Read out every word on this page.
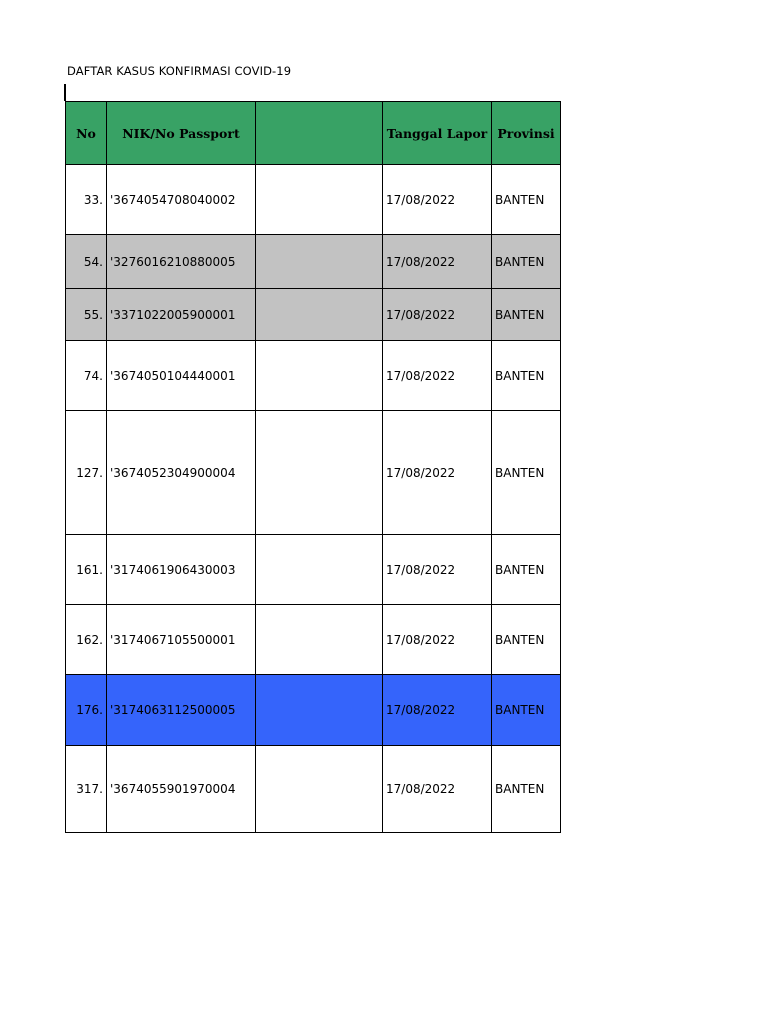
DAFTAR KASUS KONFIRMASI COVID-19
No	NIK/No Passport		Tanggal Lapor	Provinsi
33.	'3674054708040002		17/08/2022	BANTEN
54.	'3276016210880005		17/08/2022	BANTEN
55.	'3371022005900001		17/08/2022	BANTEN
74.	'3674050104440001		17/08/2022	BANTEN
127.	'3674052304900004		17/08/2022	BANTEN
161.	'3174061906430003		17/08/2022	BANTEN
162.	'3174067105500001		17/08/2022	BANTEN
176.	'3174063112500005		17/08/2022	BANTEN
317.	'3674055901970004		17/08/2022	BANTEN
